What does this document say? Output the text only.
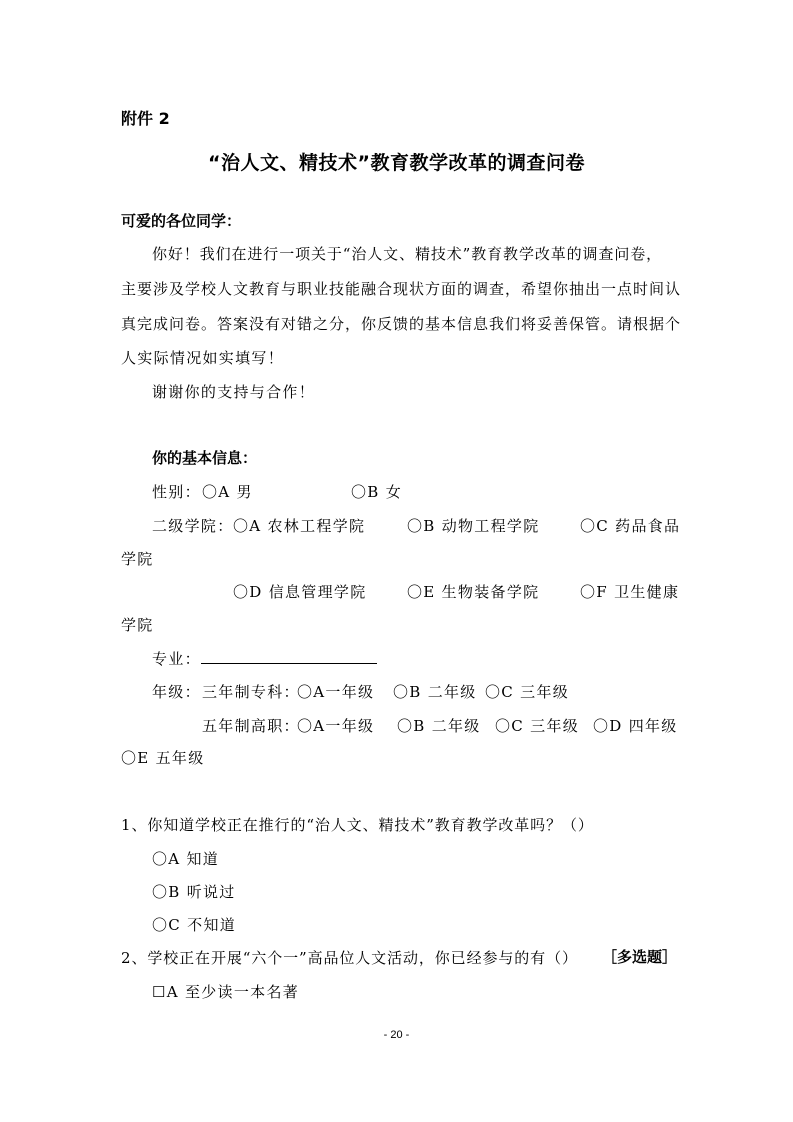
附件 2
“治人文、精技术”教育教学改革的调查问卷
可爱的各位同学：
你好！我们在进行一项关于“治人文、精技术”教育教学改革的调查问卷，
主要涉及学校人文教育与职业技能融合现状方面的调查，希望你抽出一点时间认
真完成问卷。答案没有对错之分，你反馈的基本信息我们将妥善保管。请根据个
人实际情况如实填写！
谢谢你的支持与合作！
你的基本信息：
性别： 〇A 男	〇B 女
二级学院： 〇A 农林工程学院	〇B 动物工程学院	〇C 药品食品
学院
〇D 信息管理学院	〇E 生物装备学院	〇F 卫生健康
学院
专业：
年级： 三年制专科：
〇A一年级 〇B 二年级 〇C 三年级
五年制高职：
〇A一年级 〇B 二年级 〇C 三年级 〇D 四年级
〇E 五年级
1、你知道学校正在推行的“治人文、精技术”教育教学改革吗？（）
〇A 知道
〇B 听说过
〇C 不知道
2、学校正在开展“六个一”高品位人文活动，你已经参与的有（） ［多选题］
☐A 至少读一本名著
- 20 -
